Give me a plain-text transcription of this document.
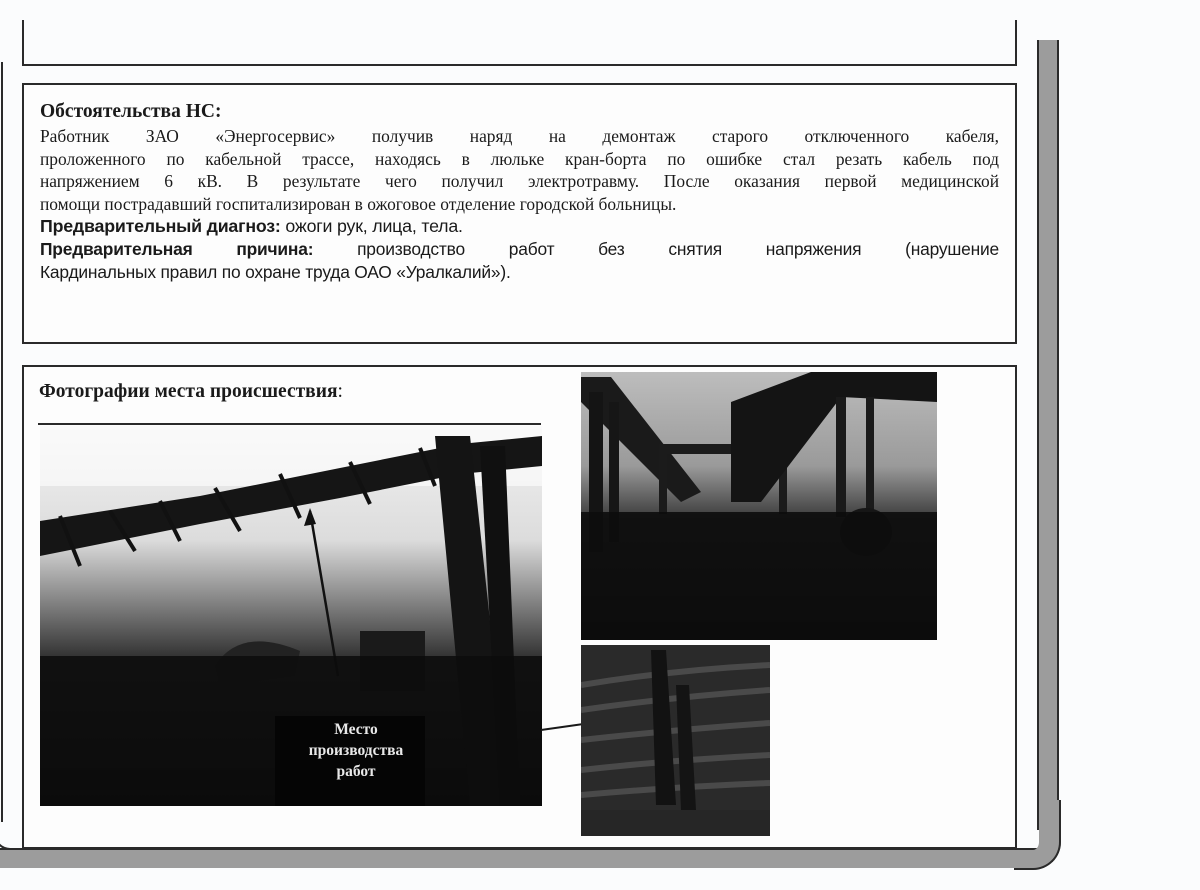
Обстоятельства НС:

Работник ЗАО «Энергосервис» получив наряд на демонтаж старого отключенного кабеля,
проложенного по кабельной трассе, находясь в люльке кран-борта по ошибке стал резать кабель под
напряжением 6 кВ. В результате чего получил электротравму. После оказания первой медицинской
помощи пострадавший госпитализирован в ожоговое отделение городской больницы.
Предварительный диагноз: ожоги рук, лица, тела.
Предварительная причина: производство работ без снятия напряжения (нарушение
Кардинальных правил по охране труда ОАО «Уралкалий»).
Фотографии места происшествия:
Место
производства
работ
